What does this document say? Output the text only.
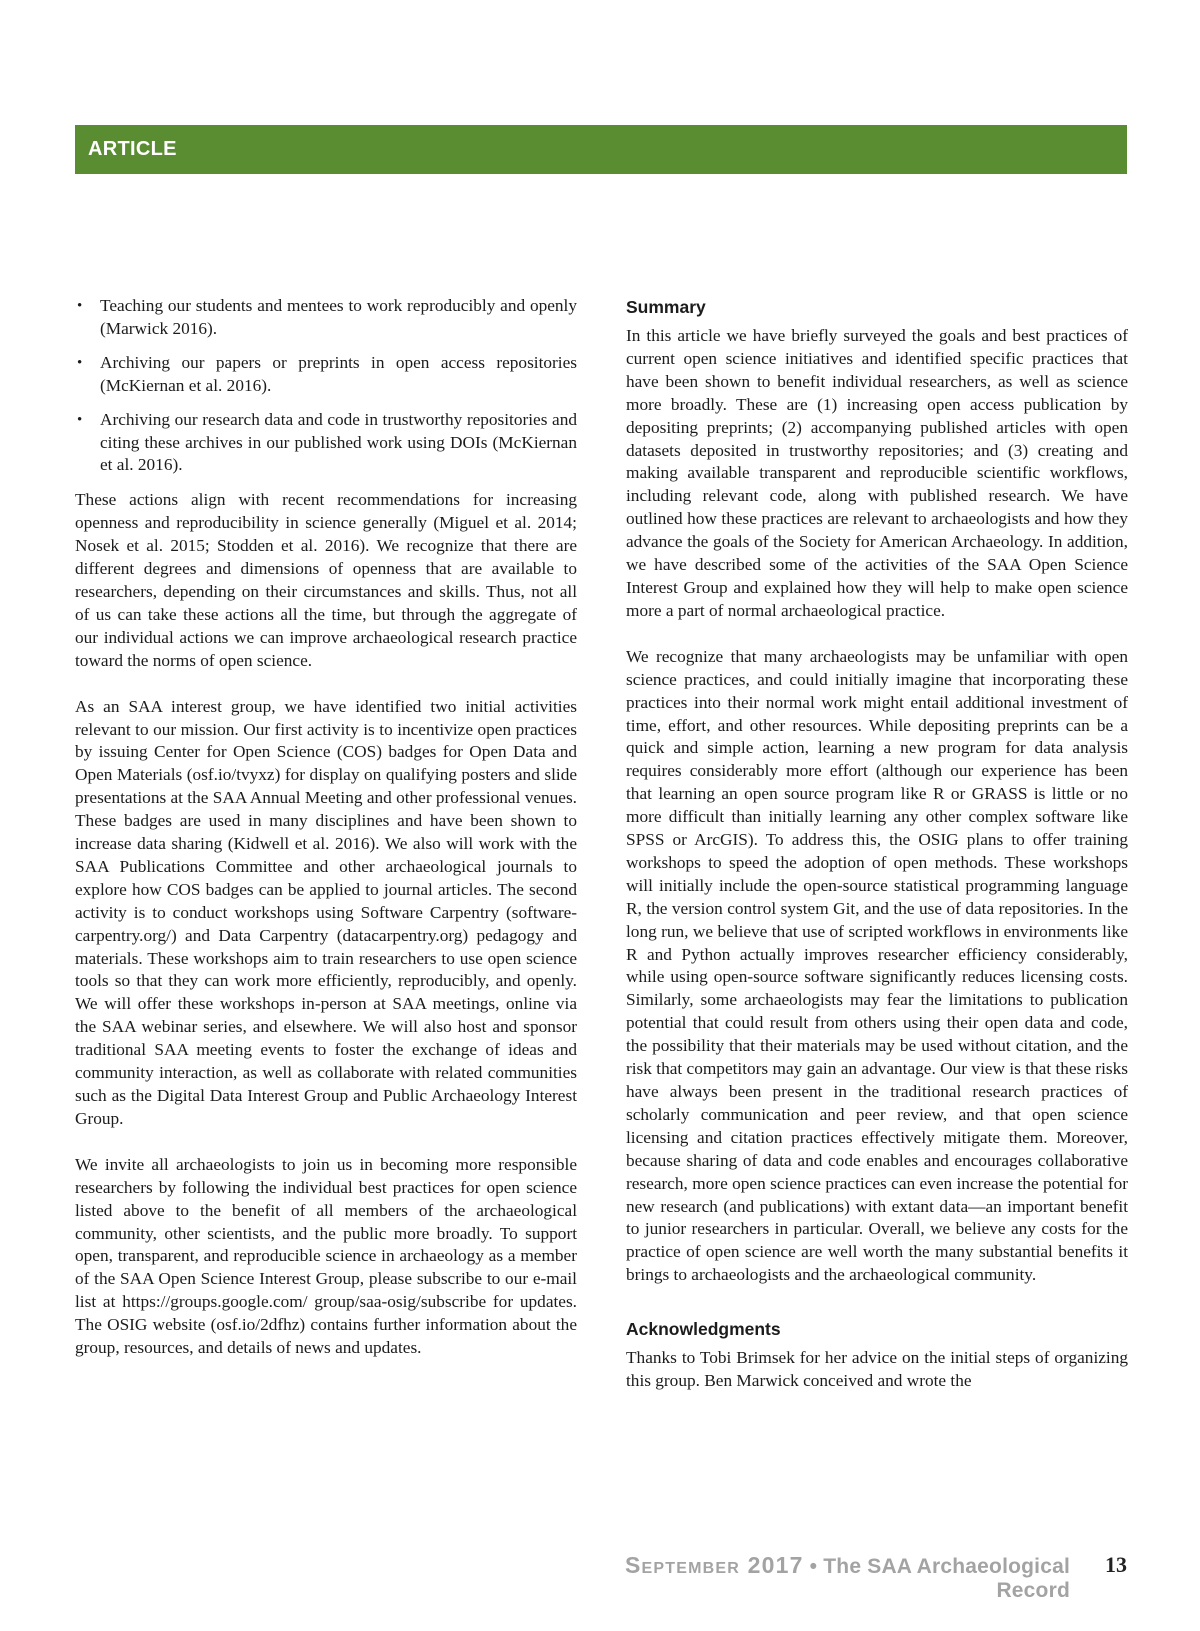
ARTICLE
• Teaching our students and mentees to work reproducibly and openly (Marwick 2016).
• Archiving our papers or preprints in open access repositories (McKiernan et al. 2016).
• Archiving our research data and code in trustworthy repositories and citing these archives in our published work using DOIs (McKiernan et al. 2016).

These actions align with recent recommendations for increasing openness and reproducibility in science generally (Miguel et al. 2014; Nosek et al. 2015; Stodden et al. 2016). We recognize that there are different degrees and dimensions of openness that are available to researchers, depending on their circumstances and skills. Thus, not all of us can take these actions all the time, but through the aggregate of our individual actions we can improve archaeological research practice toward the norms of open science.

As an SAA interest group, we have identified two initial activities relevant to our mission. Our first activity is to incentivize open practices by issuing Center for Open Science (COS) badges for Open Data and Open Materials (osf.io/tvyxz) for display on qualifying posters and slide presentations at the SAA Annual Meeting and other professional venues. These badges are used in many disciplines and have been shown to increase data sharing (Kidwell et al. 2016). We also will work with the SAA Publications Committee and other archaeological journals to explore how COS badges can be applied to journal articles. The second activity is to conduct workshops using Software Carpentry (software-carpentry.org/) and Data Carpentry (datacarpentry.org) pedagogy and materials. These workshops aim to train researchers to use open science tools so that they can work more efficiently, reproducibly, and openly. We will offer these workshops in-person at SAA meetings, online via the SAA webinar series, and elsewhere. We will also host and sponsor traditional SAA meeting events to foster the exchange of ideas and community interaction, as well as collaborate with related communities such as the Digital Data Interest Group and Public Archaeology Interest Group.

We invite all archaeologists to join us in becoming more responsible researchers by following the individual best practices for open science listed above to the benefit of all members of the archaeological community, other scientists, and the public more broadly. To support open, transparent, and reproducible science in archaeology as a member of the SAA Open Science Interest Group, please subscribe to our e-mail list at https://groups.google.com/ group/saa-osig/subscribe for updates. The OSIG website (osf.io/2dfhz) contains further information about the group, resources, and details of news and updates.

Summary

In this article we have briefly surveyed the goals and best practices of current open science initiatives and identified specific practices that have been shown to benefit individual researchers, as well as science more broadly. These are (1) increasing open access publication by depositing preprints; (2) accompanying published articles with open datasets deposited in trustworthy repositories; and (3) creating and making available transparent and reproducible scientific workflows, including relevant code, along with published research. We have outlined how these practices are relevant to archaeologists and how they advance the goals of the Society for American Archaeology. In addition, we have described some of the activities of the SAA Open Science Interest Group and explained how they will help to make open science more a part of normal archaeological practice.

We recognize that many archaeologists may be unfamiliar with open science practices, and could initially imagine that incorporating these practices into their normal work might entail additional investment of time, effort, and other resources. While depositing preprints can be a quick and simple action, learning a new program for data analysis requires considerably more effort (although our experience has been that learning an open source program like R or GRASS is little or no more difficult than initially learning any other complex software like SPSS or ArcGIS). To address this, the OSIG plans to offer training workshops to speed the adoption of open methods. These workshops will initially include the open-source statistical programming language R, the version control system Git, and the use of data repositories. In the long run, we believe that use of scripted workflows in environments like R and Python actually improves researcher efficiency considerably, while using open-source software significantly reduces licensing costs. Similarly, some archaeologists may fear the limitations to publication potential that could result from others using their open data and code, the possibility that their materials may be used without citation, and the risk that competitors may gain an advantage. Our view is that these risks have always been present in the traditional research practices of scholarly communication and peer review, and that open science licensing and citation practices effectively mitigate them. Moreover, because sharing of data and code enables and encourages collaborative research, more open science practices can even increase the potential for new research (and publications) with extant data—an important benefit to junior researchers in particular. Overall, we believe any costs for the practice of open science are well worth the many substantial benefits it brings to archaeologists and the archaeological community.

Acknowledgments

Thanks to Tobi Brimsek for her advice on the initial steps of organizing this group. Ben Marwick conceived and wrote the

September 2017 • The SAA Archaeological Record
13
